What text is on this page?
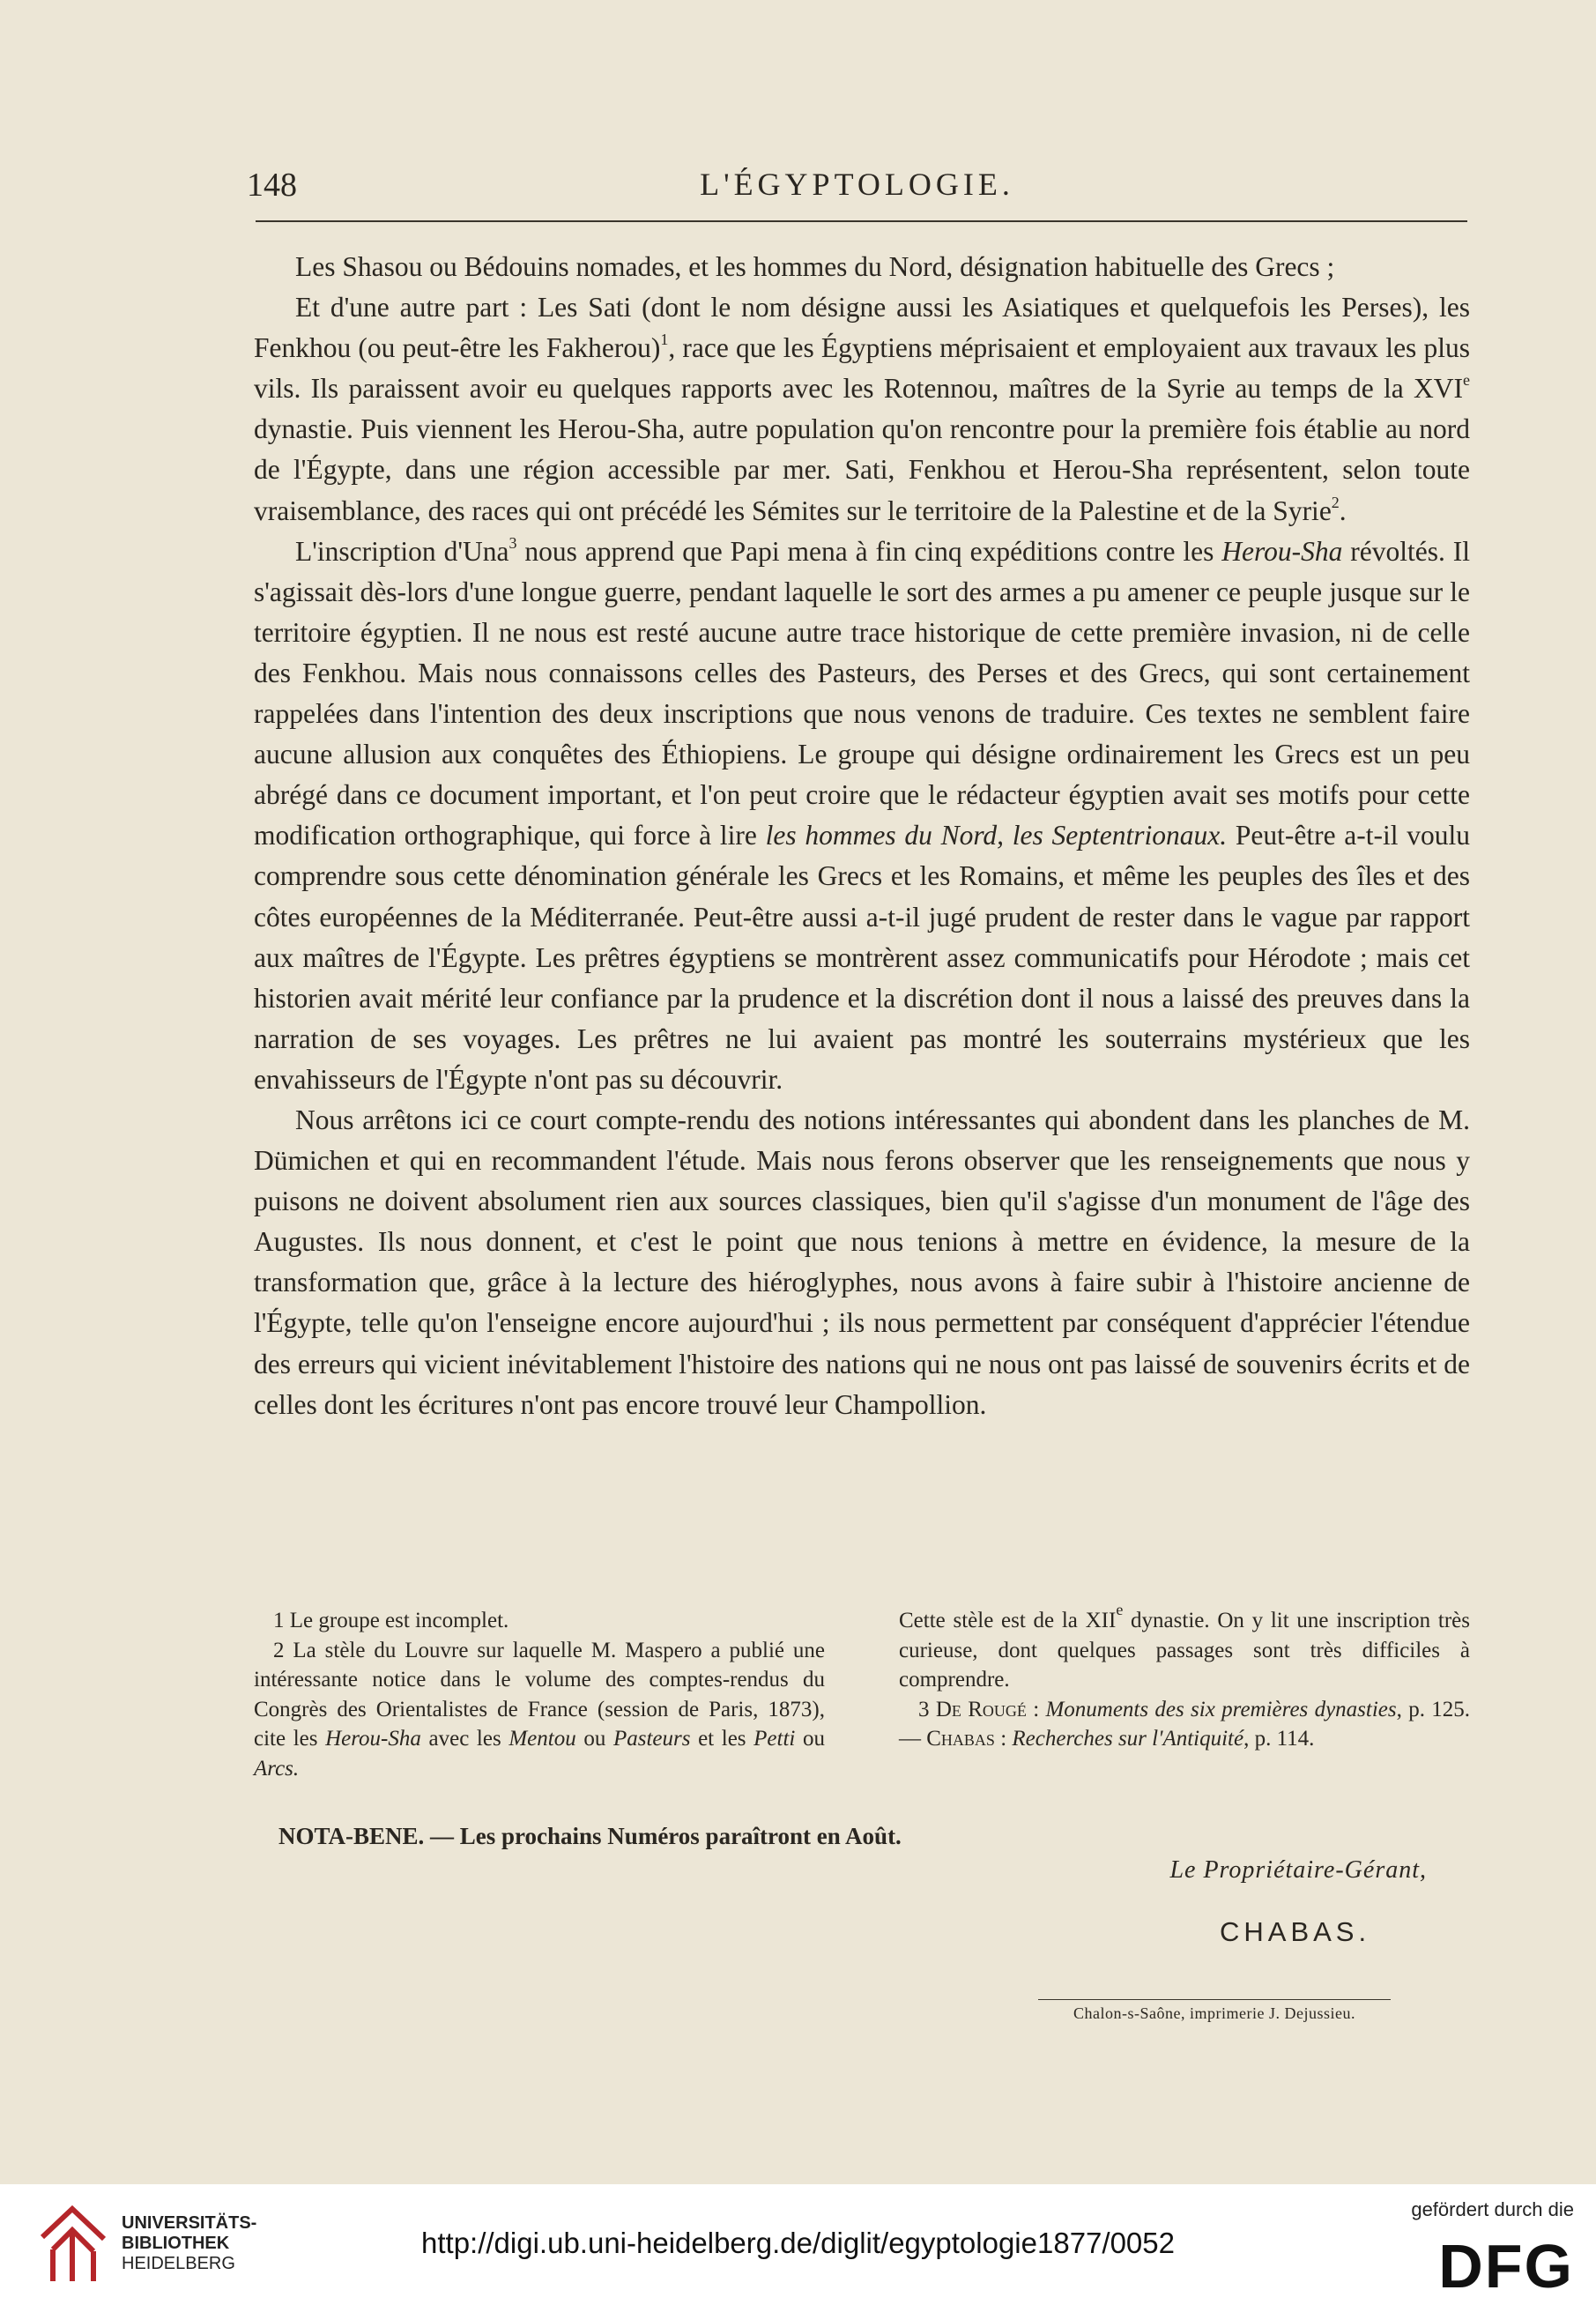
148	L'ÉGYPTOLOGIE.

Les Shasou ou Bédouins nomades, et les hommes du Nord, désignation habituelle des Grecs ;

Et d'une autre part : Les Sati (dont le nom désigne aussi les Asiatiques et quelquefois les Perses), les Fenkhou (ou peut-être les Fakherou)$^1$, race que les Égyptiens méprisaient et employaient aux travaux les plus vils. Ils paraissent avoir eu quelques rapports avec les Rotennou, maîtres de la Syrie au temps de la XVIe dynastie. Puis viennent les Herou-Sha, autre population qu'on rencontre pour la première fois établie au nord de l'Égypte, dans une région accessible par mer. Sati, Fenkhou et Herou-Sha représentent, selon toute vraisemblance, des races qui ont précédé les Sémites sur le territoire de la Palestine et de la Syrie$^2$.

L'inscription d'Una$^3$ nous apprend que Papi mena à fin cinq expéditions contre les Herou-Sha révoltés. Il s'agissait dès-lors d'une longue guerre, pendant laquelle le sort des armes a pu amener ce peuple jusque sur le territoire égyptien. Il ne nous est resté aucune autre trace historique de cette première invasion, ni de celle des Fenkhou. Mais nous connaissons celles des Pasteurs, des Perses et des Grecs, qui sont certainement rappelées dans l'intention des deux inscriptions que nous venons de traduire. Ces textes ne semblent faire aucune allusion aux conquêtes des Éthiopiens. Le groupe qui désigne ordinairement les Grecs est un peu abrégé dans ce document important, et l'on peut croire que le rédacteur égyptien avait ses motifs pour cette modification orthographique, qui force à lire les hommes du Nord, les Septentrionaux. Peut-être a-t-il voulu comprendre sous cette dénomination générale les Grecs et les Romains, et même les peuples des îles et des côtes européennes de la Méditerranée. Peut-être aussi a-t-il jugé prudent de rester dans le vague par rapport aux maîtres de l'Égypte. Les prêtres égyptiens se montrèrent assez communicatifs pour Hérodote ; mais cet historien avait mérité leur confiance par la prudence et la discrétion dont il nous a laissé des preuves dans la narration de ses voyages. Les prêtres ne lui avaient pas montré les souterrains mystérieux que les envahisseurs de l'Égypte n'ont pas su découvrir.

Nous arrêtons ici ce court compte-rendu des notions intéressantes qui abondent dans les planches de M. Dümichen et qui en recommandent l'étude. Mais nous ferons observer que les renseignements que nous y puisons ne doivent absolument rien aux sources classiques, bien qu'il s'agisse d'un monument de l'âge des Augustes. Ils nous donnent, et c'est le point que nous tenions à mettre en évidence, la mesure de la transformation que, grâce à la lecture des hiéroglyphes, nous avons à faire subir à l'histoire ancienne de l'Égypte, telle qu'on l'enseigne encore aujourd'hui ; ils nous permettent par conséquent d'apprécier l'étendue des erreurs qui vicient inévitablement l'histoire des nations qui ne nous ont pas laissé de souvenirs écrits et de celles dont les écritures n'ont pas encore trouvé leur Champollion.

1 Le groupe est incomplet.

2 La stèle du Louvre sur laquelle M. Maspero a publié une intéressante notice dans le volume des comptes-rendus du Congrès des Orientalistes de France (session de Paris, 1873), cite les Herou-Sha avec les Mentou ou Pasteurs et les Petti ou Arcs.

Cette stèle est de la XIIe dynastie. On y lit une inscription très curieuse, dont quelques passages sont très difficiles à comprendre.

3 De Rougé : Monuments des six premières dynasties, p. 125. — Chabas : Recherches sur l'Antiquité, p. 114.

NOTA-BENE. — Les prochains Numéros paraîtront en Août.
Le Propriétaire-Gérant,
CHABAS.
Chalon-s-Saône, imprimerie J. Dejussieu.
UNIVERSITÄTS-
BIBLIOTHEK
HEIDELBERG
http://digi.ub.uni-heidelberg.de/diglit/egyptologie1877/0052
gefördert durch die
DFG
